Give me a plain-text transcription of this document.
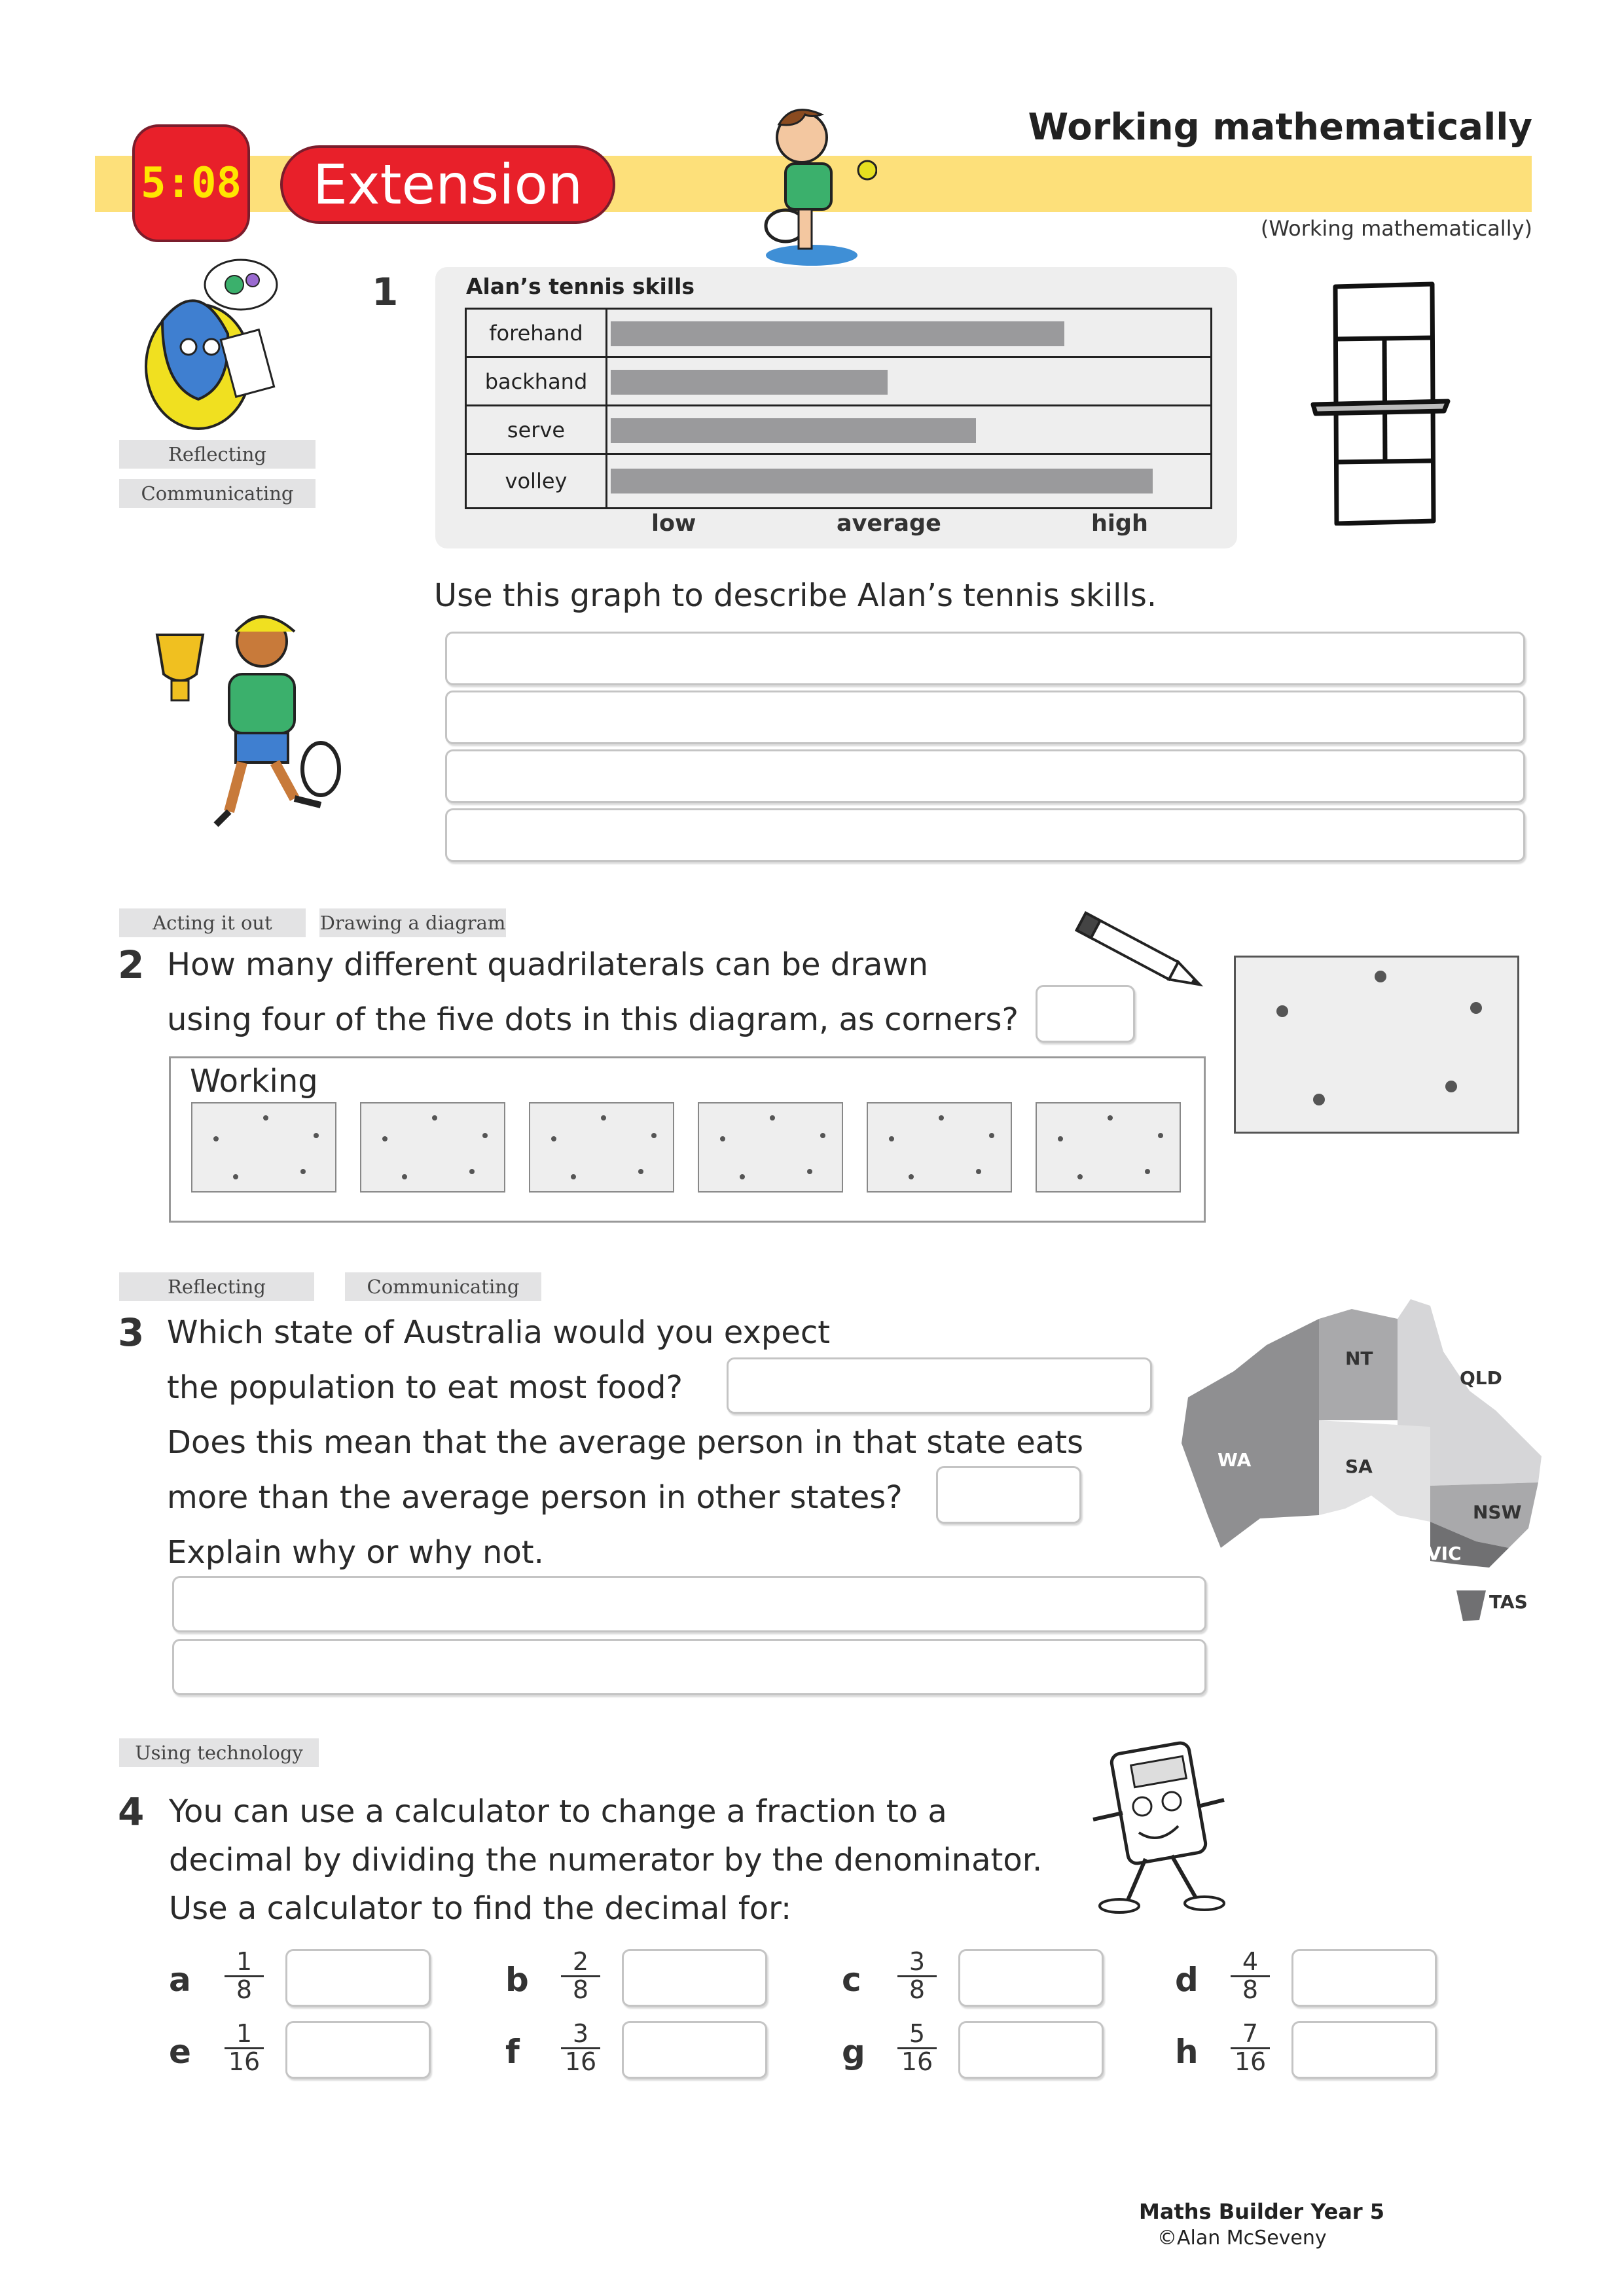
5:08	Extension
Working mathematically
(Working mathematically)
Reflecting
Communicating
1	Alan’s tennis skills
forehand
backhand
serve
volley
low	average	high
Use this graph to describe Alan’s tennis skills.
Acting it out	Drawing a diagram
2 How many different quadrilaterals can be drawn
using four of the five dots in this diagram, as corners?
Working
Reflecting	Communicating
3 Which state of Australia would you expect
the population to eat most food?
Does this mean that the average person in that state eats
more than the average person in other states?
Explain why or why not.
WA
NT
QLD
SA
NSW
VIC
TAS
Using technology
4 You can use a calculator to change a fraction to a
decimal by dividing the numerator by the denominator.
Use a calculator to find the decimal for:
a $\frac{1}{8}$	b $\frac{2}{8}$	c $\frac{3}{8}$	d $\frac{4}{8}$
e $\frac{1}{16}$	f $\frac{3}{16}$	g $\frac{5}{16}$	h $\frac{7}{16}$
Maths Builder Year 5
©Alan McSeveny
